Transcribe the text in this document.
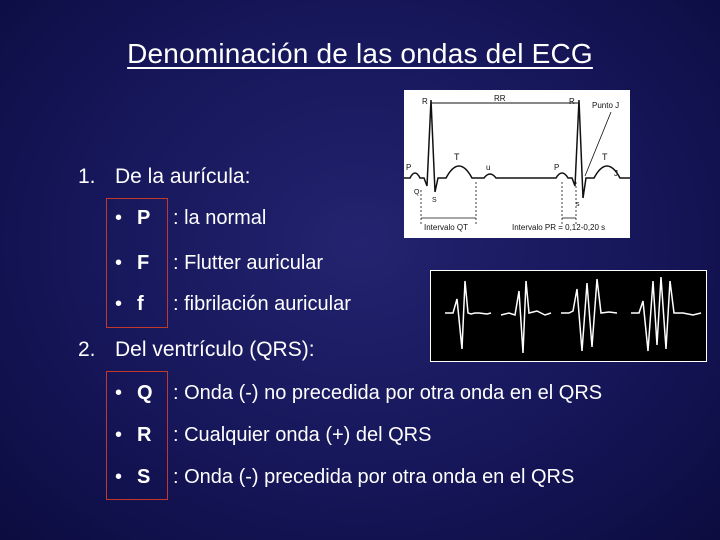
Denominación de las ondas del ECG
1. De la aurícula:
• P : la normal
• F : Flutter auricular
• f : fibrilación auricular
2. Del ventrículo (QRS):
• Q : Onda (-) no precedida por otra onda en el QRS
• R : Cualquier onda (+) del QRS
• S : Onda (-) precedida por otra onda en el QRS
R	RR	R Punto J
P
T
u	P
T
J
Q
S
s
Intervalo QT	Intervalo PR = 0,12-0,20 s
